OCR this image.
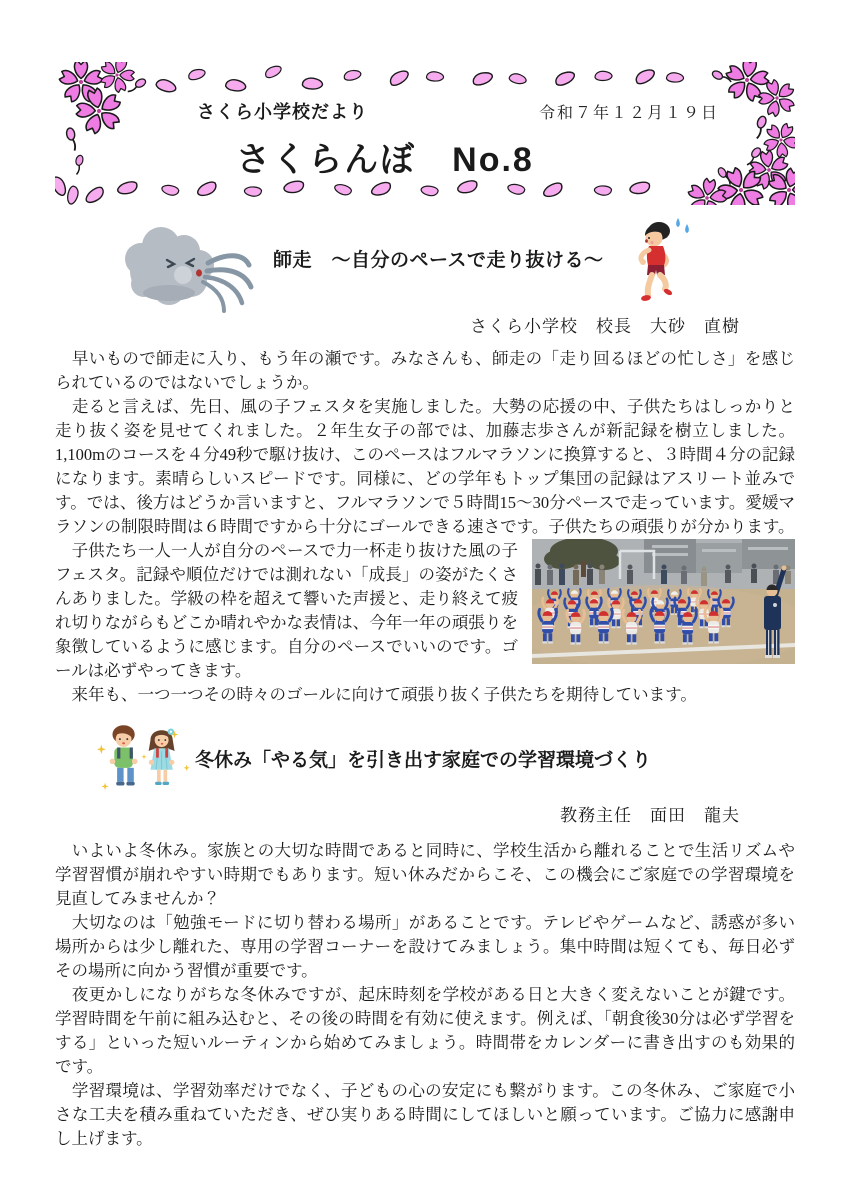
さくら小学校だより	令和７年１２月１９日
さくらんぼ　No.8
師走　～自分のペースで走り抜ける～
さくら小学校　校長　大砂　直樹

　早いもので師走に入り、もう年の瀬です。みなさんも、師走の「走り回るほどの忙しさ」を感じられているのではないでしょうか。

　走ると言えば、先日、風の子フェスタを実施しました。大勢の応援の中、子供たちはしっかりと走り抜く姿を見せてくれました。２年生女子の部では、加藤志歩さんが新記録を樹立しました。1,100mのコースを４分49秒で駆け抜け、このペースはフルマラソンに換算すると、３時間４分の記録になります。素晴らしいスピードです。同様に、どの学年もトップ集団の記録はアスリート並みです。では、後方はどうか言いますと、フルマラソンで５時間15～30分ペースで走っています。愛媛マラソンの制限時間は６時間ですから十分にゴールできる速さです。子供たちの頑張りが分かります。

　子供たち一人一人が自分のペースで力一杯走り抜けた風の子フェスタ。記録や順位だけでは測れない「成長」の姿がたくさんありました。学級の枠を超えて響いた声援と、走り終えて疲れ切りながらもどこか晴れやかな表情は、今年一年の頑張りを象徴しているように感じます。自分のペースでいいのです。ゴールは必ずやってきます。

　来年も、一つ一つその時々のゴールに向けて頑張り抜く子供たちを期待しています。

冬休み「やる気」を引き出す家庭での学習環境づくり
教務主任　面田　龍夫

　いよいよ冬休み。家族との大切な時間であると同時に、学校生活から離れることで生活リズムや学習習慣が崩れやすい時期でもあります。短い休みだからこそ、この機会にご家庭での学習環境を見直してみませんか？

　大切なのは「勉強モードに切り替わる場所」があることです。テレビやゲームなど、誘惑が多い場所からは少し離れた、専用の学習コーナーを設けてみましょう。集中時間は短くても、毎日必ずその場所に向かう習慣が重要です。

　夜更かしになりがちな冬休みですが、起床時刻を学校がある日と大きく変えないことが鍵です。学習時間を午前に組み込むと、その後の時間を有効に使えます。例えば、「朝食後30分は必ず学習をする」といった短いルーティンから始めてみましょう。時間帯をカレンダーに書き出すのも効果的です。

　学習環境は、学習効率だけでなく、子どもの心の安定にも繋がります。この冬休み、ご家庭で小さな工夫を積み重ねていただき、ぜひ実りある時間にしてほしいと願っています。ご協力に感謝申し上げます。
